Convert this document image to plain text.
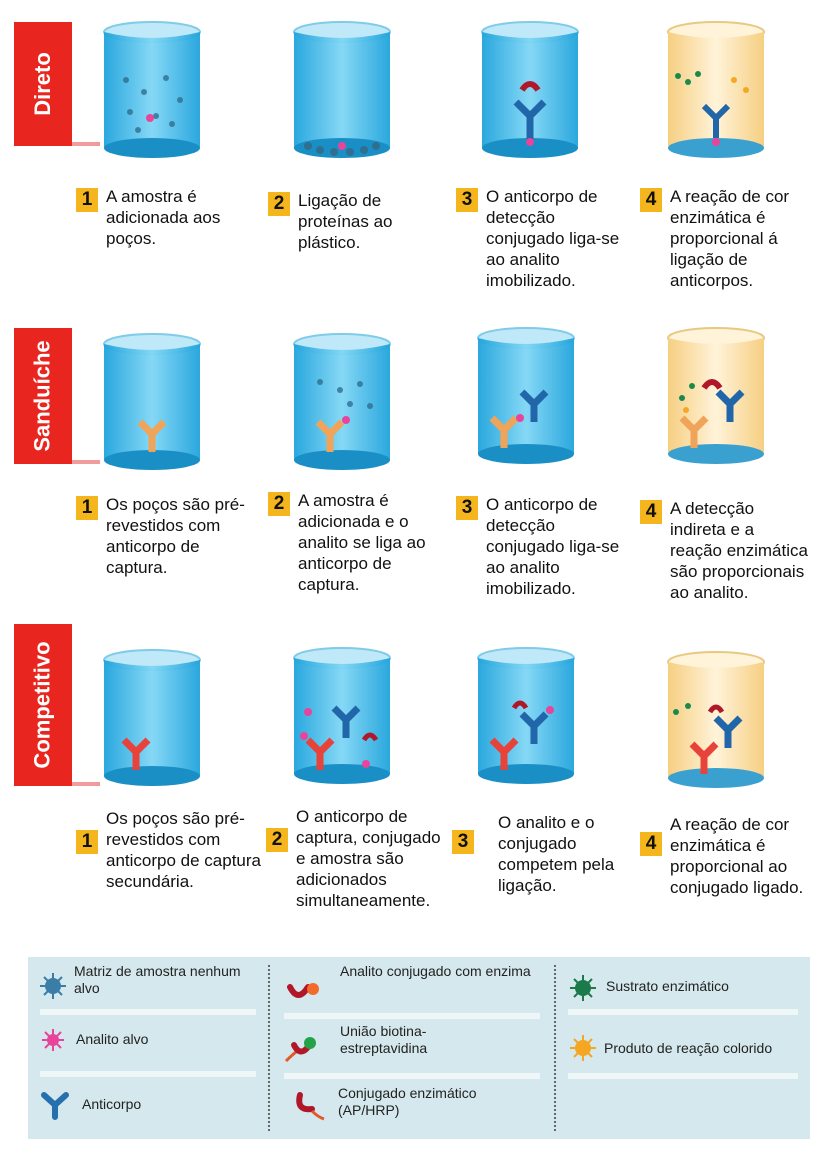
Direto
1 A amostra é adicionada aos poços.
2 Ligação de proteínas ao plástico.
3 O anticorpo de detecção conjugado liga-se ao analito imobilizado.
4 A reação de cor enzimática é proporcional á ligação de anticorpos.
Sanduíche
1 Os poços são pré-revestidos com anticorpo de captura.
2 A amostra é adicionada e o analito se liga ao anticorpo de captura.
3 O anticorpo de detecção conjugado liga-se ao analito imobilizado.
4 A detecção indireta e a reação enzimática são proporcionais ao analito.
Competitivo
1
Os poços são pré-revestidos com anticorpo de captura secundária.
2
O anticorpo de captura, conjugado e amostra são adicionados simultaneamente.
3
O analito e o conjugado competem pela ligação.
4
A reação de cor enzimática é proporcional ao conjugado ligado.
Matriz de amostra nenhum alvo
Analito alvo
Anticorpo
Analito conjugado com enzima
União biotina-estreptavidina
Conjugado enzimático (AP/HRP)
Sustrato enzimático
Produto de reação colorido
